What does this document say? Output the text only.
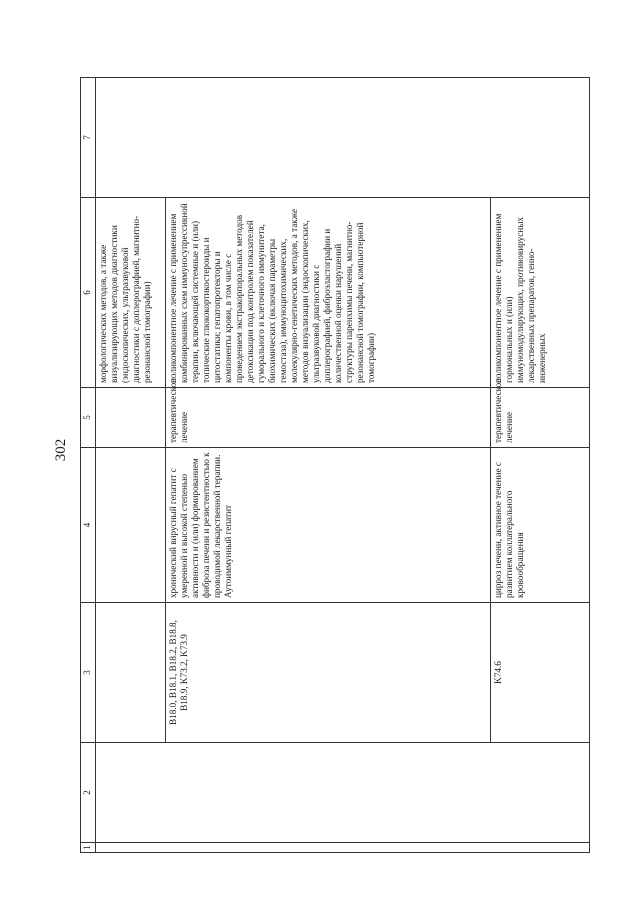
302
1	2	3	4	5	6	7
					морфологических методов, а также визуализирующих методов диагностики (эндоскопических, ультразвуковой диагностики с доплерографией, магнитно-резонансной томографии)	
		B18.0, B18.1, B18.2, B18.8, B18.9, K73.2, K73.9	хронический вирусный гепатит с умеренной и высокой степенью активности и (или) формированием фиброза печени и резистентностью к проводимой лекарственной терапии. Аутоиммунный гепатит	терапевтическое лечение	поликомпонентное лечение с применением комбинированных схем иммуносупрессивной терапии, включающей системные и (или) топические глюкокортикостероиды и цитостатики; гепатопротекторы и компоненты крови, в том числе с проведением экстракорпоральных методов детоксикации под контролем показателей гуморального и клеточного иммунитета, биохимических (включая параметры гемостаза), иммуноцитохимических, молекулярно-генетических методов, а также методов визуализации (эндоскопических, ультразвуковой диагностики с доплерографией, фиброэластографии и количественной оценки нарушений структуры паренхимы печени, магнитно-резонансной томографии, компьютерной томографии)	
		K74.6	цирроз печени, активное течение с развитием коллатерального кровообращения	терапевтическое лечение	поликомпонентное лечение с применением гормональных и (или) иммуномодулирующих, противовирусных лекарственных препаратов, генно-инженерных	
